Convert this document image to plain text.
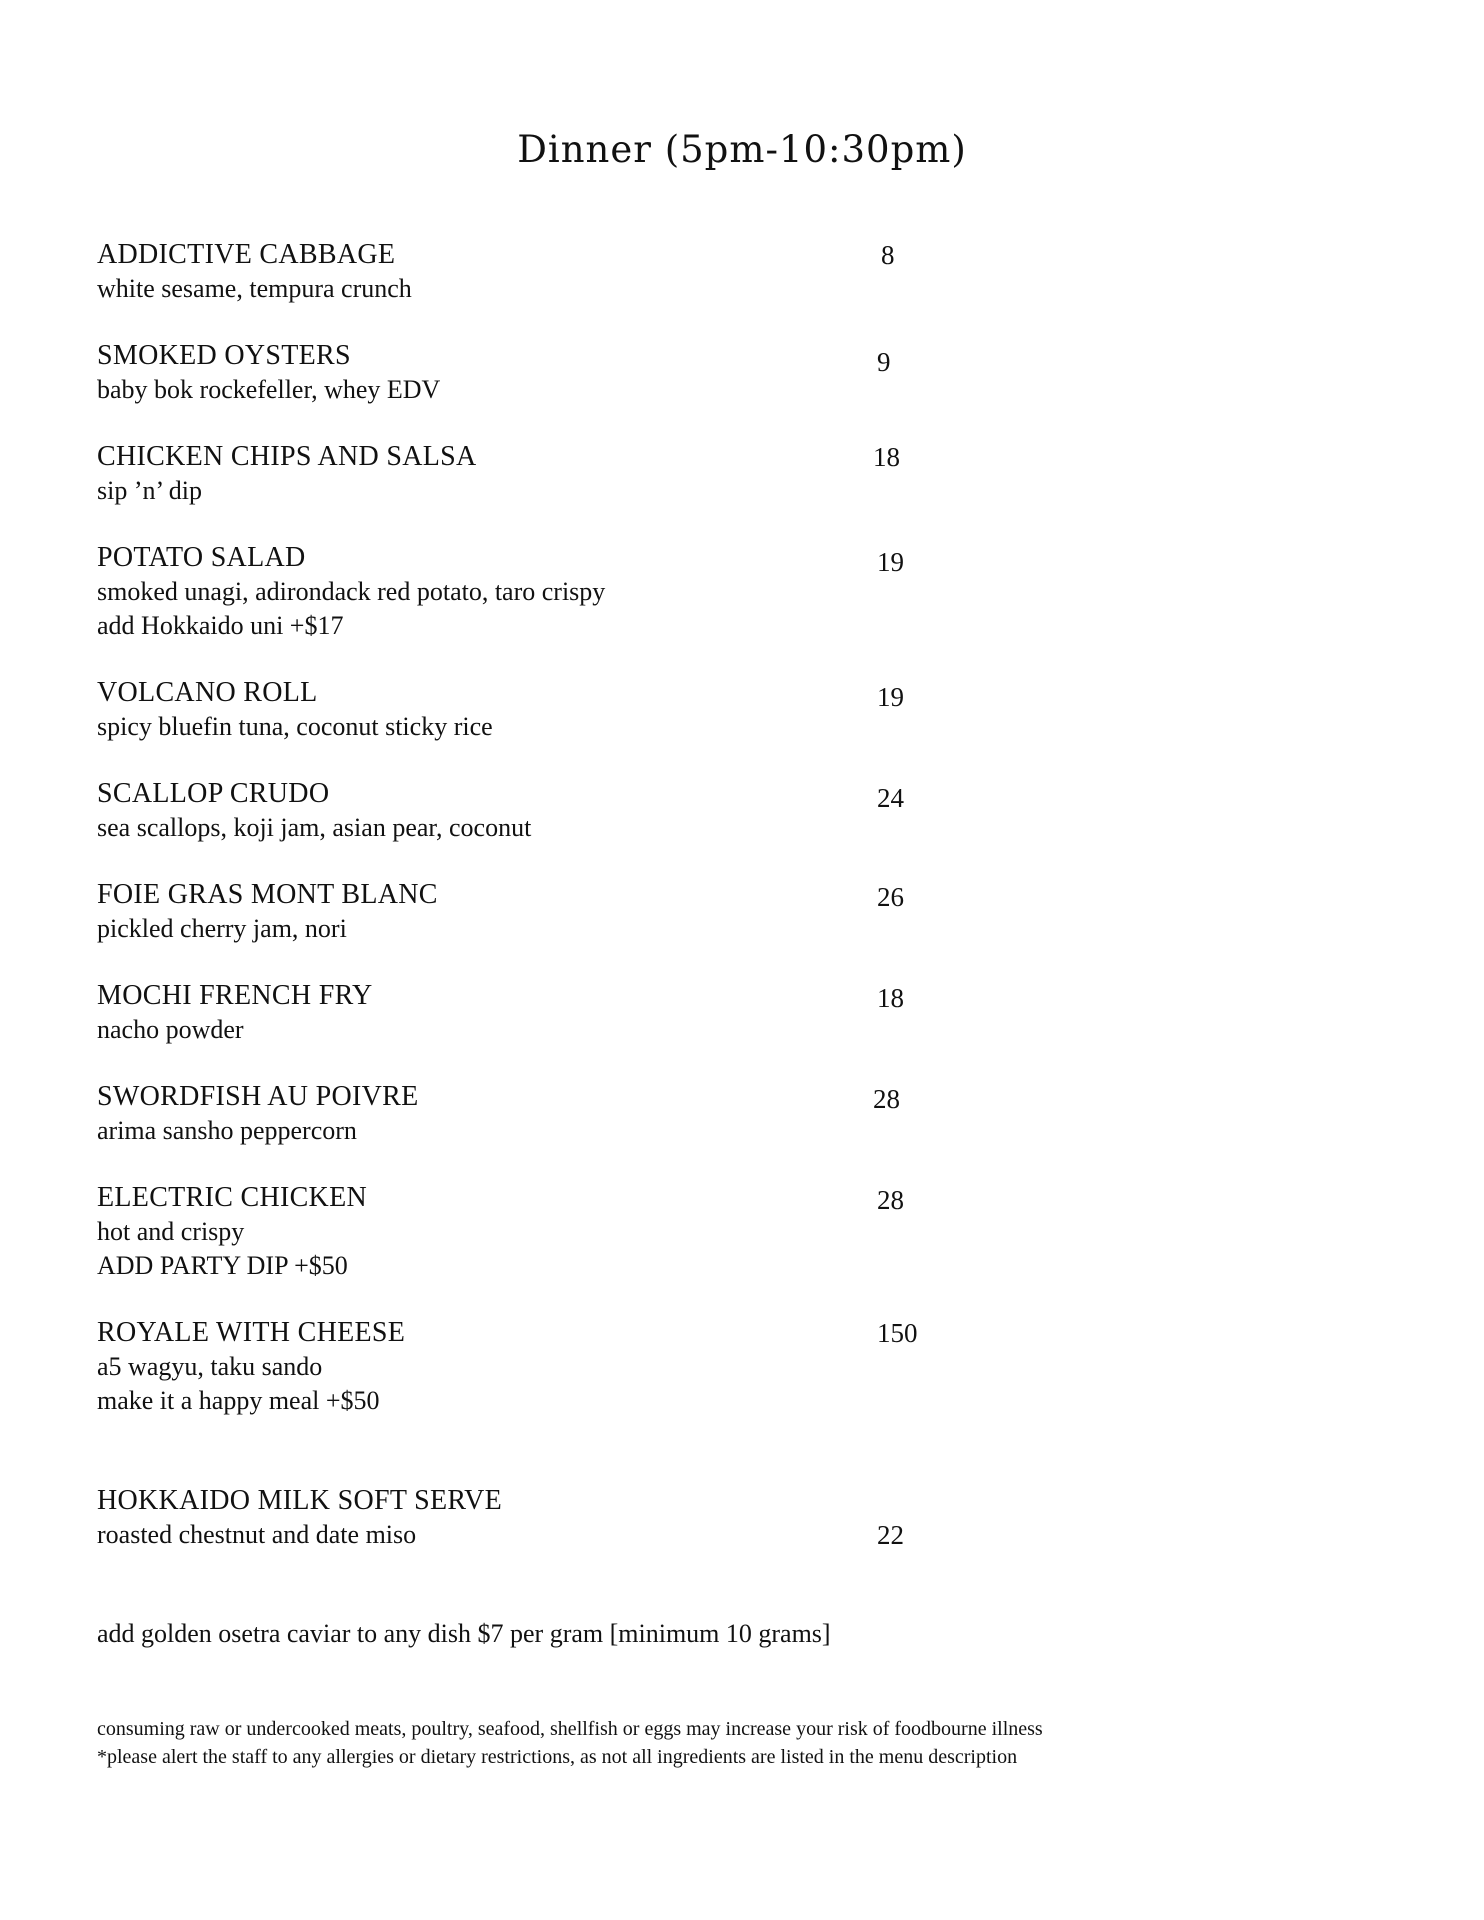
Dinner (5pm-10:30pm)
ADDICTIVE CABBAGE
white sesame, tempura crunch
8
SMOKED OYSTERS
baby bok rockefeller, whey EDV
9
CHICKEN CHIPS AND SALSA
sip ’n’ dip
18
POTATO SALAD
smoked unagi, adirondack red potato, taro crispy
add Hokkaido uni +$17
19
VOLCANO ROLL
spicy bluefin tuna, coconut sticky rice
19
SCALLOP CRUDO
sea scallops, koji jam, asian pear, coconut
24
FOIE GRAS MONT BLANC
pickled cherry jam, nori
26
MOCHI FRENCH FRY
nacho powder
18
SWORDFISH AU POIVRE
arima sansho peppercorn
28
ELECTRIC CHICKEN
hot and crispy
ADD PARTY DIP +$50
28
ROYALE WITH CHEESE
a5 wagyu, taku sando
make it a happy meal +$50
150
HOKKAIDO MILK SOFT SERVE
roasted chestnut and date miso	22
add golden osetra caviar to any dish $7 per gram [minimum 10 grams]
consuming raw or undercooked meats, poultry, seafood, shellfish or eggs may increase your risk of foodbourne illness
*please alert the staff to any allergies or dietary restrictions, as not all ingredients are listed in the menu description
